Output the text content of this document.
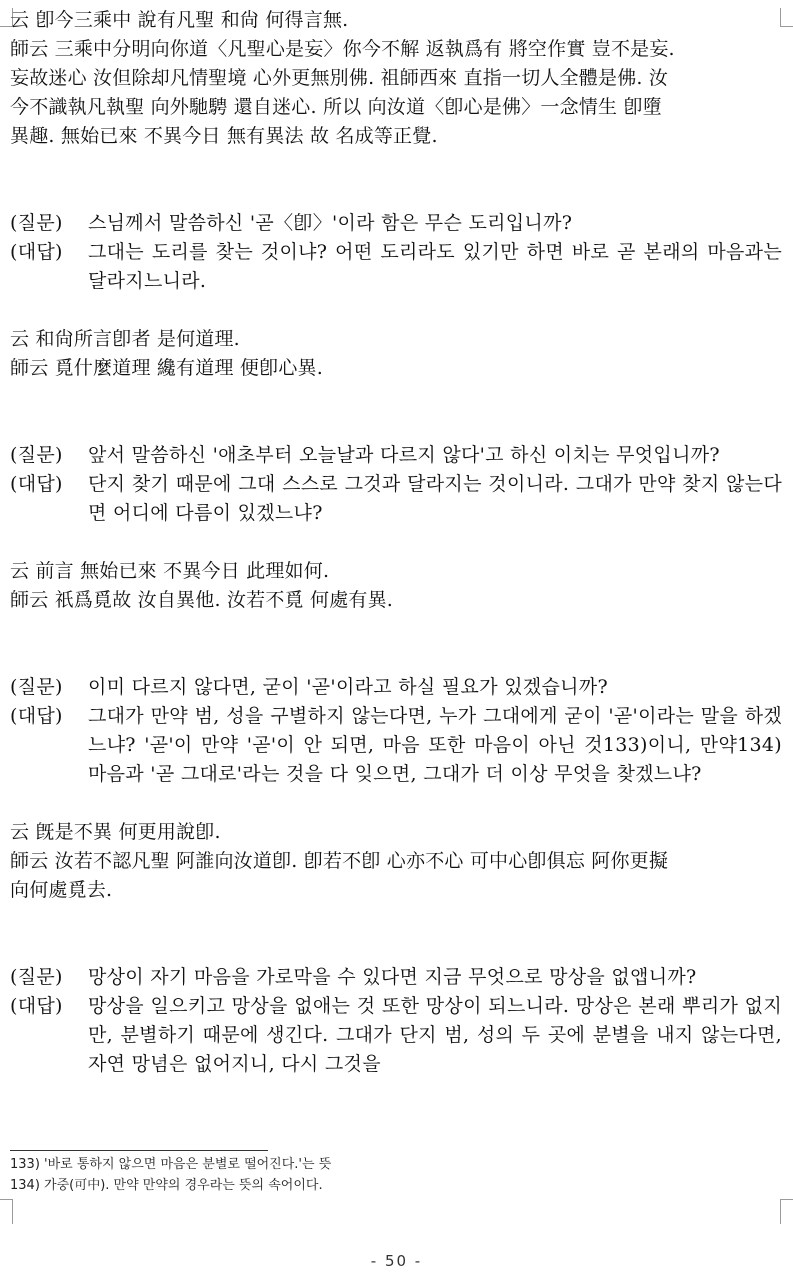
云 卽今三乘中 說有凡聖 和尙 何得言無.

師云 三乘中分明向你道〈凡聖心是妄〉你今不解 返執爲有 將空作實 豈不是妄.

妄故迷心 汝但除却凡情聖境 心外更無別佛. 祖師西來 直指一切人全體是佛. 汝

今不識執凡執聖 向外馳騁 還自迷心. 所以 向汝道〈卽心是佛〉一念情生 卽墮

異趣. 無始已來 不異今日 無有異法 故 名成等正覺.

(질문)	스님께서 말씀하신 '곧〈卽〉'이라 함은 무슨 도리입니까?
(대답)	그대는 도리를 찾는 것이냐? 어떤 도리라도 있기만 하면 바로 곧 본래의 마음과는 달라지느니라.

云 和尙所言卽者 是何道理.

師云 覓什麼道理 纔有道理 便卽心異.

(질문)	앞서 말씀하신 '애초부터 오늘날과 다르지 않다'고 하신 이치는 무엇입니까?
(대답)	단지 찾기 때문에 그대 스스로 그것과 달라지는 것이니라. 그대가 만약 찾지 않는다면 어디에 다름이 있겠느냐?

云 前言 無始已來 不異今日 此理如何.

師云 祇爲覓故 汝自異他. 汝若不覓 何處有異.

(질문)	이미 다르지 않다면, 굳이 '곧'이라고 하실 필요가 있겠습니까?
(대답)	그대가 만약 범, 성을 구별하지 않는다면, 누가 그대에게 굳이 '곧'이라는 말을 하겠느냐? '곧'이 만약 '곧'이 안 되면, 마음 또한 마음이 아닌 것133)이니, 만약134) 마음과 '곧 그대로'라는 것을 다 잊으면, 그대가 더 이상 무엇을 찾겠느냐?

云 旣是不異 何更用說卽.

師云 汝若不認凡聖 阿誰向汝道卽. 卽若不卽 心亦不心 可中心卽俱忘 阿你更擬

向何處覓去.

(질문)	망상이 자기 마음을 가로막을 수 있다면 지금 무엇으로 망상을 없앱니까?
(대답)	망상을 일으키고 망상을 없애는 것 또한 망상이 되느니라. 망상은 본래 뿌리가 없지만, 분별하기 때문에 생긴다. 그대가 단지 범, 성의 두 곳에 분별을 내지 않는다면, 자연 망념은 없어지니, 다시 그것을

133) '바로 통하지 않으면 마음은 분별로 떨어진다.'는 뜻

134) 가중(可中). 만약 만약의 경우라는 뜻의 속어이다.

- 50 -
